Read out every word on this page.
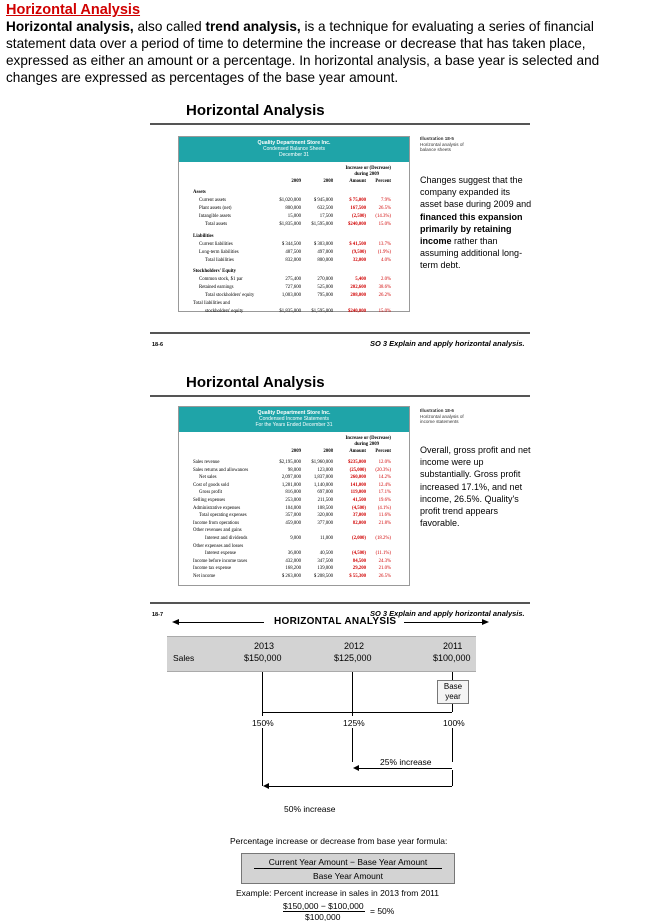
Horizontal Analysis
Horizontal analysis, also called trend analysis, is a technique for evaluating a series of financial statement data over a period of time to determine the increase or decrease that has taken place, expressed as either an amount or a percentage. In horizontal analysis, a base year is selected and changes are expressed as percentages of the base year amount.
Horizontal Analysis
Quality Department Store Inc.
Condensed Balance Sheets
December 31
Increase or (Decrease)
during 2009
2009	2008	Amount Percent
Assets
Current assets	$1,020,000	$ 945,000	$ 75,000	7.9%
Plant assets (net)	800,000	632,500	167,500	26.5%
Intangible assets	15,000	17,500	(2,500) (14.3%)
Total assets	$1,835,000 $1,595,000	$240,000	15.0%
Liabilities
Current liabilities	$ 344,500	$ 303,000	$ 41,500	13.7%
Long-term liabilities	487,500	497,000	(9,500) (1.9%)
Total liabilities	832,000	800,000	32,000	4.0%
Stockholders' Equity
Common stock, $1 par	275,400	270,000	5,400	2.0%
Retained earnings	727,600	525,000	202,600	38.6%
Total stockholders' equity	1,003,000	795,000	208,000	26.2%
Total liabilities and
stockholders' equity	$1,835,000 $1,595,000	$240,000	15.0%
Illustration 18-5
Horizontal analysis of
balance sheets
Changes suggest that the company expanded its asset base during 2009 and financed this expansion primarily by retaining income rather than assuming additional long-term debt.
18-6	SO 3 Explain and apply horizontal analysis.
Horizontal Analysis
Quality Department Store Inc.
Condensed Income Statements
For the Years Ended December 31
Increase or (Decrease)
during 2009
2009	2008	Amount Percent
Sales revenue	$2,195,000 $1,960,000	$235,000	12.0%
Sales returns and allowances	98,000	123,000	(25,000) (20.3%)
Net sales	2,097,000	1,837,000	260,000	14.2%
Cost of goods sold	1,281,000	1,140,000	141,000	12.4%
Gross profit	816,000	697,000	119,000	17.1%
Selling expenses	253,000	211,500	41,500	19.6%
Administrative expenses	104,000	108,500	(4,500) (4.1%)
Total operating expenses	357,000	320,000	37,000	11.6%
Income from operations	459,000	377,000	82,000	21.8%
Other revenues and gains
Interest and dividends	9,000	11,000	(2,000) (18.2%)
Other expenses and losses
Interest expense	36,000	40,500	(4,500) (11.1%)
Income before income taxes	432,000	347,500	84,500	24.3%
Income tax expense	168,200	139,000	29,200	21.0%
Net income	$ 263,800	$ 208,500	$ 55,300	26.5%
Illustration 18-6
Horizontal analysis of
income statements
Overall, gross profit and net income were up substantially. Gross profit increased 17.1%, and net income, 26.5%. Quality's profit trend appears favorable.
18-7	SO 3 Explain and apply horizontal analysis.
HORIZONTAL ANALYSIS
Sales
2013
$150,000
2012
$125,000
2011
$100,000
Base
year
150%	125%	100%
25% increase
50% increase
Percentage increase or decrease from base year formula:
Current Year Amount − Base Year Amount
Base Year Amount
Example: Percent increase in sales in 2013 from 2011
$150,000 − $100,000
$100,000
= 50%
